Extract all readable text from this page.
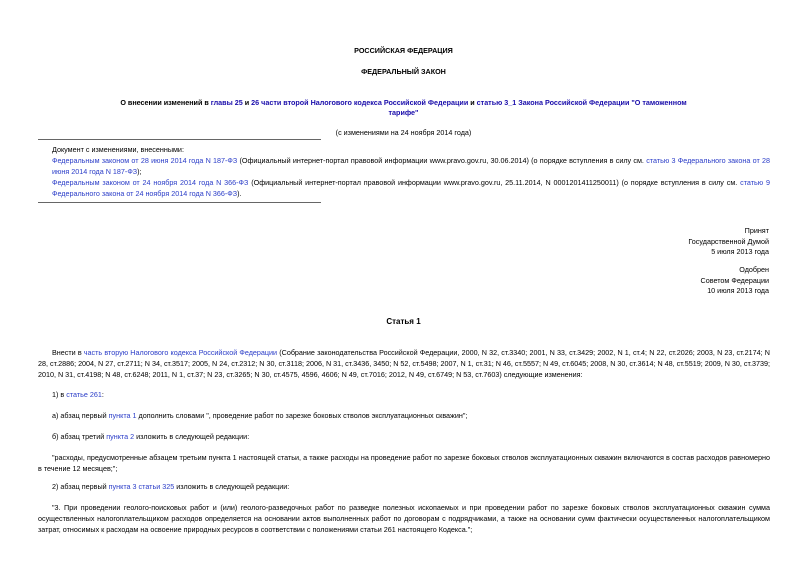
РОССИЙСКАЯ ФЕДЕРАЦИЯ
ФЕДЕРАЛЬНЫЙ ЗАКОН
О внесении изменений в главы 25 и 26 части второй Налогового кодекса Российской Федерации и статью 3_1 Закона Российской Федерации "О таможенном
тарифе"
(с изменениями на 24 ноября 2014 года)
Документ с изменениями, внесенными:
Федеральным законом от 28 июня 2014 года N 187-ФЗ (Официальный интернет-портал правовой информации www.pravo.gov.ru, 30.06.2014) (о порядке вступления в силу см. статью 3 Федерального закона от 28 июня 2014 года N 187-ФЗ);
Федеральным законом от 24 ноября 2014 года N 366-ФЗ (Официальный интернет-портал правовой информации www.pravo.gov.ru, 25.11.2014, N 0001201411250011) (о порядке вступления в силу см. статью 9 Федерального закона от 24 ноября 2014 года N 366-ФЗ).
Принят
Государственной Думой
5 июля 2013 года
Одобрен
Советом Федерации
10 июля 2013 года
Статья 1
Внести в часть вторую Налогового кодекса Российской Федерации (Собрание законодательства Российской Федерации, 2000, N 32, ст.3340; 2001, N 33, ст.3429; 2002, N 1, ст.4; N 22, ст.2026; 2003, N 23, ст.2174; N 28, ст.2886; 2004, N 27, ст.2711; N 34, ст.3517; 2005, N 24, ст.2312; N 30, ст.3118; 2006, N 31, ст.3436, 3450; N 52, ст.5498; 2007, N 1, ст.31; N 46, ст.5557; N 49, ст.6045; 2008, N 30, ст.3614; N 48, ст.5519; 2009, N 30, ст.3739; 2010, N 31, ст.4198; N 48, ст.6248; 2011, N 1, ст.37; N 23, ст.3265; N 30, ст.4575, 4596, 4606; N 49, ст.7016; 2012, N 49, ст.6749; N 53, ст.7603) следующие изменения:
1) в статье 261:
а) абзац первый пункта 1 дополнить словами ", проведение работ по зарезке боковых стволов эксплуатационных скважин";
б) абзац третий пункта 2 изложить в следующей редакции:
"расходы, предусмотренные абзацем третьим пункта 1 настоящей статьи, а также расходы на проведение работ по зарезке боковых стволов эксплуатационных скважин включаются в состав расходов равномерно в течение 12 месяцев;";
2) абзац первый пункта 3 статьи 325 изложить в следующей редакции:
"3. При проведении геолого-поисковых работ и (или) геолого-разведочных работ по разведке полезных ископаемых и при проведении работ по зарезке боковых стволов эксплуатационных скважин сумма осуществленных налогоплательщиком расходов определяется на основании актов выполненных работ по договорам с подрядчиками, а также на основании сумм фактически осуществленных налогоплательщиком затрат, относимых к расходам на освоение природных ресурсов в соответствии с положениями статьи 261 настоящего Кодекса.";
